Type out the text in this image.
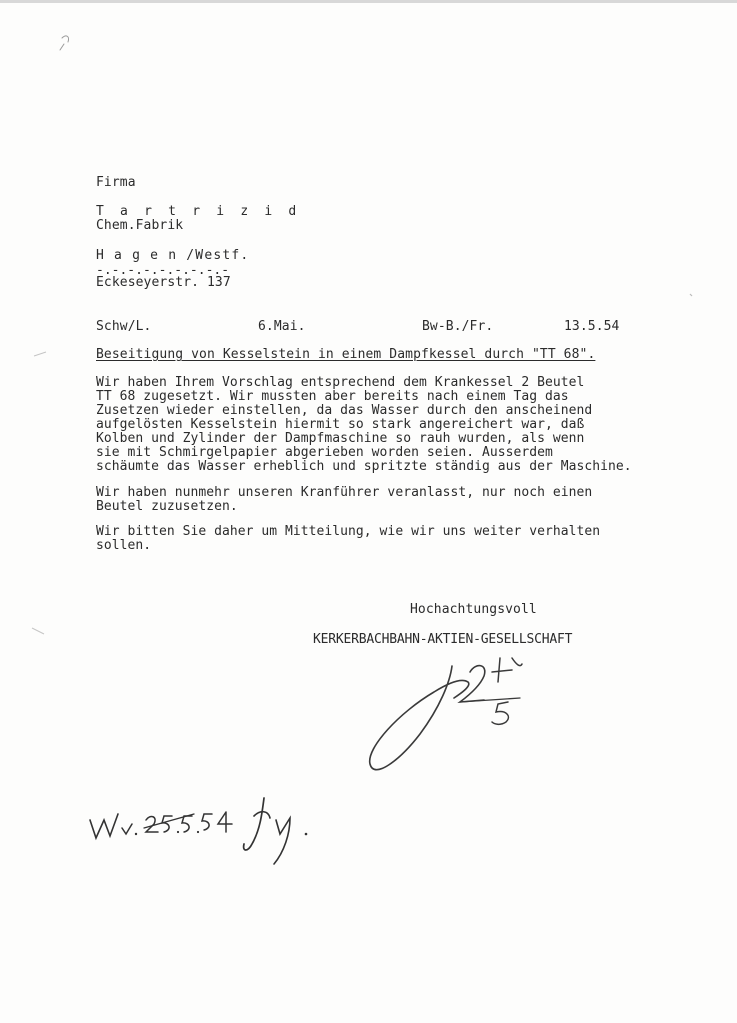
Firma
T a r t r i z i d
Chem.Fabrik
H a g e n /Westf.
-.-.-.-.-.-.-.-.-
Eckeseyerstr. 137
Schw/L.	6.Mai.	Bw-B./Fr.	13.5.54
Beseitigung von Kesselstein in einem Dampfkessel durch "TT 68".
Wir haben Ihrem Vorschlag entsprechend dem Krankessel 2 Beutel
TT 68 zugesetzt. Wir mussten aber bereits nach einem Tag das
Zusetzen wieder einstellen, da das Wasser durch den anscheinend
aufgelösten Kesselstein hiermit so stark angereichert war, daß
Kolben und Zylinder der Dampfmaschine so rauh wurden, als wenn
sie mit Schmirgelpapier abgerieben worden seien. Ausserdem
schäumte das Wasser erheblich und spritzte ständig aus der Maschine.
Wir haben nunmehr unseren Kranführer veranlasst, nur noch einen
Beutel zuzusetzen.
Wir bitten Sie daher um Mitteilung, wie wir uns weiter verhalten
sollen.
Hochachtungsvoll
KERKERBACHBAHN-AKTIEN-GESELLSCHAFT
